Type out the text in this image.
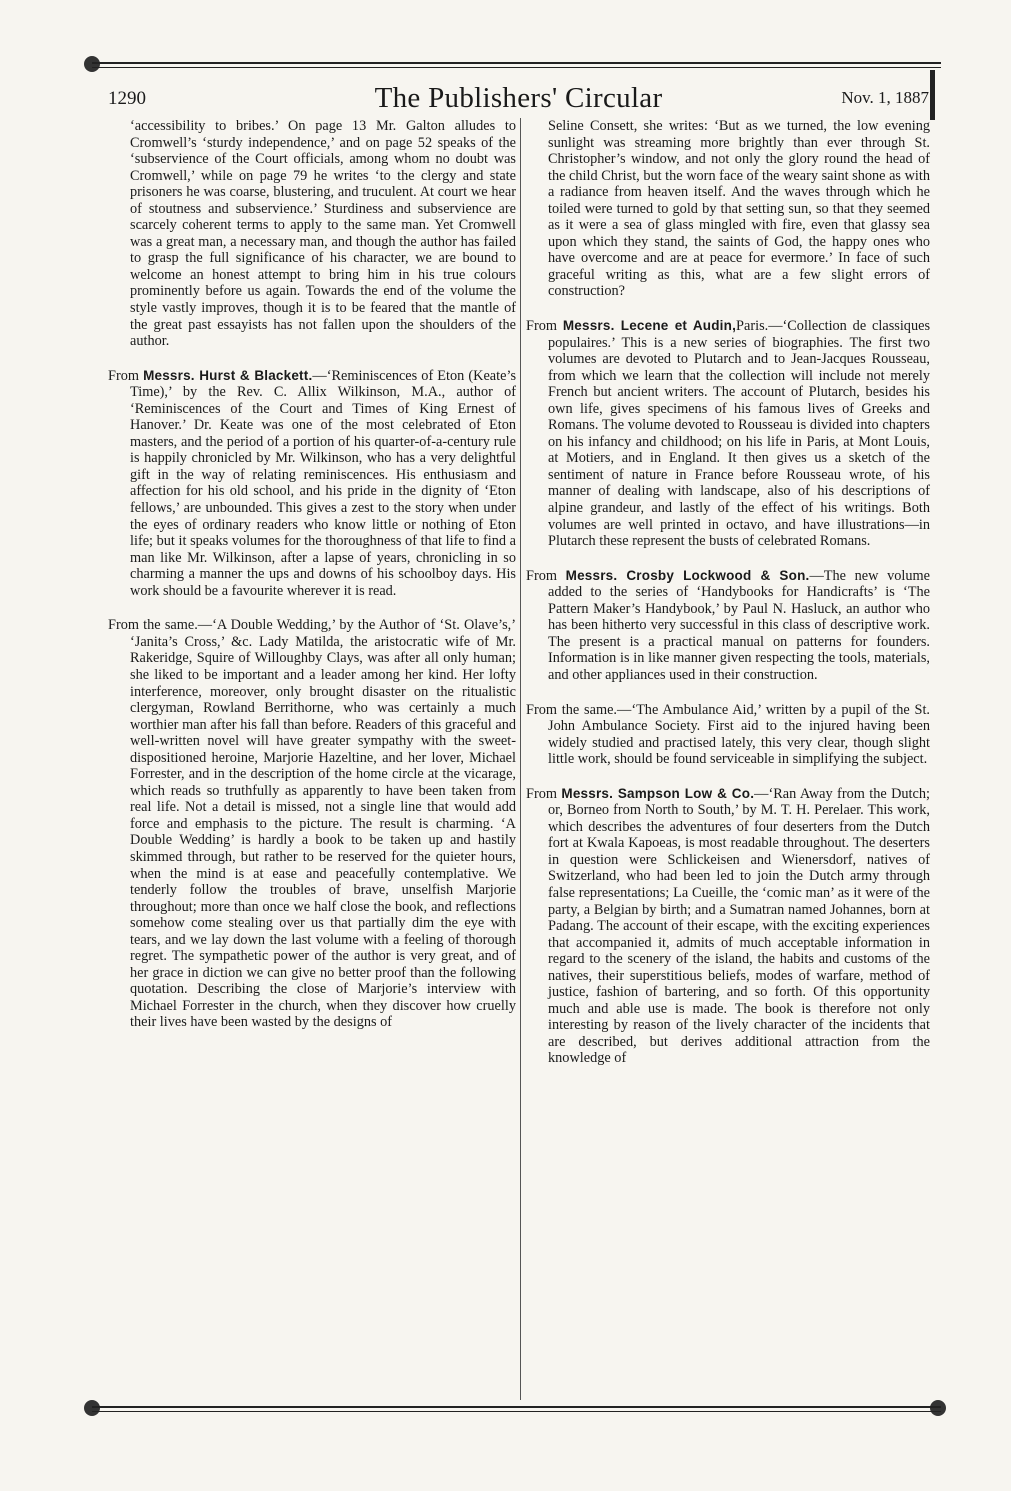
1290	The Publishers' Circular	Nov. 1, 1887

‘accessibility to bribes.’ On page 13 Mr. Galton alludes to Cromwell’s ‘sturdy independence,’ and on page 52 speaks of the ‘subservience of the Court officials, among whom no doubt was Cromwell,’ while on page 79 he writes ‘to the clergy and state prisoners he was coarse, blustering, and truculent. At court we hear of stoutness and subservience.’ Sturdiness and subservience are scarcely coherent terms to apply to the same man. Yet Cromwell was a great man, a necessary man, and though the author has failed to grasp the full significance of his character, we are bound to welcome an honest attempt to bring him in his true colours prominently before us again. Towards the end of the volume the style vastly improves, though it is to be feared that the mantle of the great past essayists has not fallen upon the shoulders of the author.

From Messrs. Hurst & Blackett.—‘Reminiscences of Eton (Keate’s Time),’ by the Rev. C. Allix Wilkinson, M.A., author of ‘Reminiscences of the Court and Times of King Ernest of Hanover.’ Dr. Keate was one of the most celebrated of Eton masters, and the period of a portion of his quarter-of-a-century rule is happily chronicled by Mr. Wilkinson, who has a very delightful gift in the way of relating reminiscences. His enthusiasm and affection for his old school, and his pride in the dignity of ‘Eton fellows,’ are unbounded. This gives a zest to the story when under the eyes of ordinary readers who know little or nothing of Eton life; but it speaks volumes for the thoroughness of that life to find a man like Mr. Wilkinson, after a lapse of years, chronicling in so charming a manner the ups and downs of his schoolboy days. His work should be a favourite wherever it is read.

From the same.—‘A Double Wedding,’ by the Author of ‘St. Olave’s,’ ‘Janita’s Cross,’ &c. Lady Matilda, the aristocratic wife of Mr. Rakeridge, Squire of Willoughby Clays, was after all only human; she liked to be important and a leader among her kind. Her lofty interference, moreover, only brought disaster on the ritualistic clergyman, Rowland Berrithorne, who was certainly a much worthier man after his fall than before. Readers of this graceful and well-written novel will have greater sympathy with the sweet-dispositioned heroine, Marjorie Hazeltine, and her lover, Michael Forrester, and in the description of the home circle at the vicarage, which reads so truthfully as apparently to have been taken from real life. Not a detail is missed, not a single line that would add force and emphasis to the picture. The result is charming. ‘A Double Wedding’ is hardly a book to be taken up and hastily skimmed through, but rather to be reserved for the quieter hours, when the mind is at ease and peacefully contemplative. We tenderly follow the troubles of brave, unselfish Marjorie throughout; more than once we half close the book, and reflections somehow come stealing over us that partially dim the eye with tears, and we lay down the last volume with a feeling of thorough regret. The sympathetic power of the author is very great, and of her grace in diction we can give no better proof than the following quotation. Describing the close of Marjorie’s interview with Michael Forrester in the church, when they discover how cruelly their lives have been wasted by the designs of

Seline Consett, she writes: ‘But as we turned, the low evening sunlight was streaming more brightly than ever through St. Christopher’s window, and not only the glory round the head of the child Christ, but the worn face of the weary saint shone as with a radiance from heaven itself. And the waves through which he toiled were turned to gold by that setting sun, so that they seemed as it were a sea of glass mingled with fire, even that glassy sea upon which they stand, the saints of God, the happy ones who have overcome and are at peace for evermore.’ In face of such graceful writing as this, what are a few slight errors of construction?

From Messrs. Lecene et Audin,Paris.—‘Collection de classiques populaires.’ This is a new series of biographies. The first two volumes are devoted to Plutarch and to Jean-Jacques Rousseau, from which we learn that the collection will include not merely French but ancient writers. The account of Plutarch, besides his own life, gives specimens of his famous lives of Greeks and Romans. The volume devoted to Rousseau is divided into chapters on his infancy and childhood; on his life in Paris, at Mont Louis, at Motiers, and in England. It then gives us a sketch of the sentiment of nature in France before Rousseau wrote, of his manner of dealing with landscape, also of his descriptions of alpine grandeur, and lastly of the effect of his writings. Both volumes are well printed in octavo, and have illustrations—in Plutarch these represent the busts of celebrated Romans.

From Messrs. Crosby Lockwood & Son.—The new volume added to the series of ‘Handybooks for Handicrafts’ is ‘The Pattern Maker’s Handybook,’ by Paul N. Hasluck, an author who has been hitherto very successful in this class of descriptive work. The present is a practical manual on patterns for founders. Information is in like manner given respecting the tools, materials, and other appliances used in their construction.

From the same.—‘The Ambulance Aid,’ written by a pupil of the St. John Ambulance Society. First aid to the injured having been widely studied and practised lately, this very clear, though slight little work, should be found serviceable in simplifying the subject.

From Messrs. Sampson Low & Co.—‘Ran Away from the Dutch; or, Borneo from North to South,’ by M. T. H. Perelaer. This work, which describes the adventures of four deserters from the Dutch fort at Kwala Kapoeas, is most readable throughout. The deserters in question were Schlickeisen and Wienersdorf, natives of Switzerland, who had been led to join the Dutch army through false representations; La Cueille, the ‘comic man’ as it were of the party, a Belgian by birth; and a Sumatran named Johannes, born at Padang. The account of their escape, with the exciting experiences that accompanied it, admits of much acceptable information in regard to the scenery of the island, the habits and customs of the natives, their superstitious beliefs, modes of warfare, method of justice, fashion of bartering, and so forth. Of this opportunity much and able use is made. The book is therefore not only interesting by reason of the lively character of the incidents that are described, but derives additional attraction from the knowledge of
